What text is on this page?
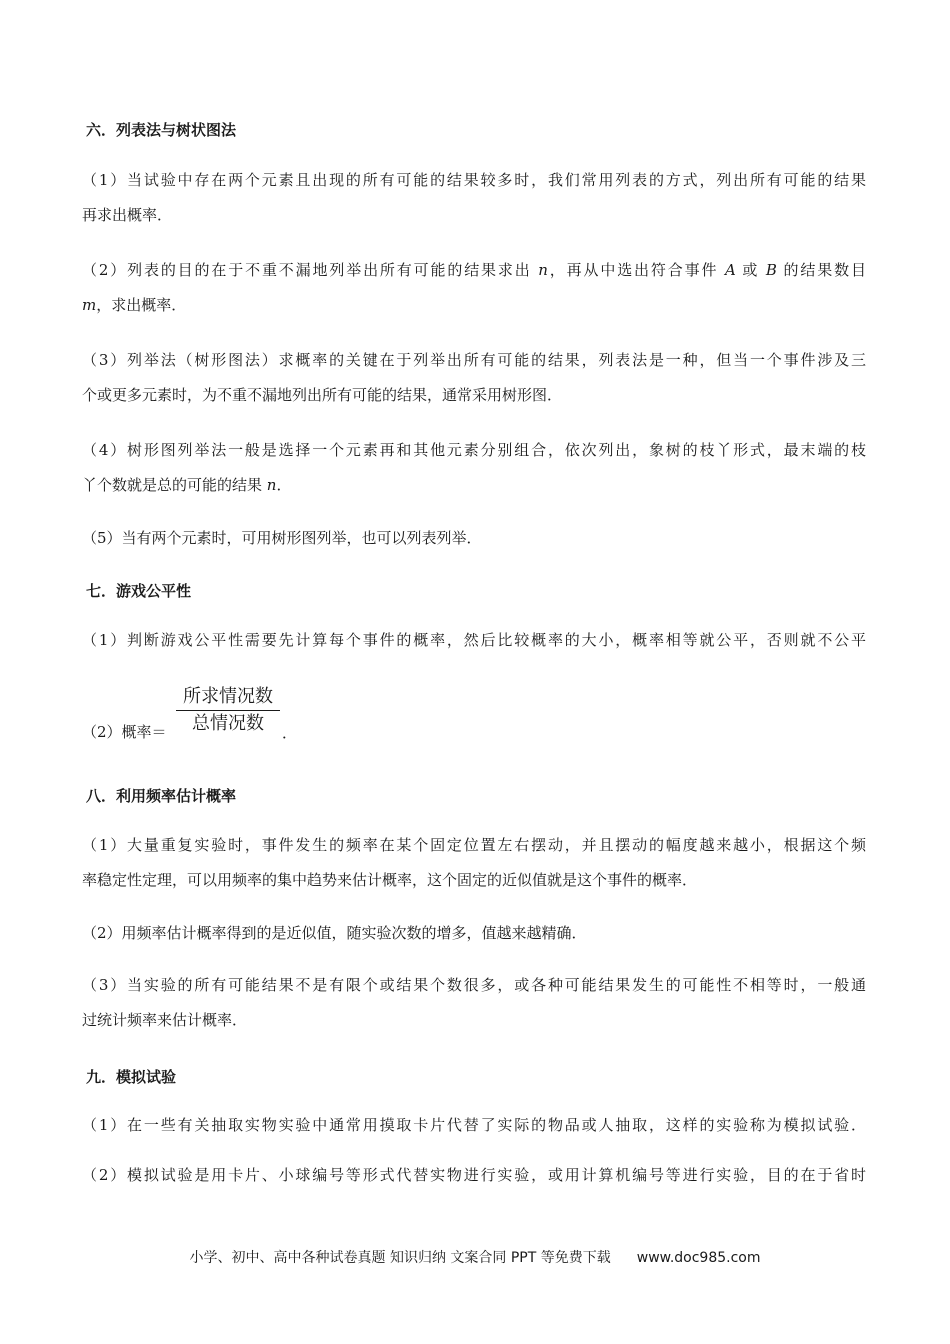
六．列表法与树状图法
（1）当试验中存在两个元素且出现的所有可能的结果较多时，我们常用列表的方式，列出所有可能的结果
再求出概率．
（2）列表的目的在于不重不漏地列举出所有可能的结果求出 n，再从中选出符合事件 A 或 B 的结果数目
m，求出概率．
（3）列举法（树形图法）求概率的关键在于列举出所有可能的结果，列表法是一种，但当一个事件涉及三
个或更多元素时，为不重不漏地列出所有可能的结果，通常采用树形图．
（4）树形图列举法一般是选择一个元素再和其他元素分别组合，依次列出，象树的枝丫形式，最末端的枝
丫个数就是总的可能的结果 n．
（5）当有两个元素时，可用树形图列举，也可以列表列举．
七．游戏公平性
（1）判断游戏公平性需要先计算每个事件的概率，然后比较概率的大小，概率相等就公平，否则就不公平
（2）概率＝
所求情况数
总情况数	．
八．利用频率估计概率
（1）大量重复实验时，事件发生的频率在某个固定位置左右摆动，并且摆动的幅度越来越小，根据这个频
率稳定性定理，可以用频率的集中趋势来估计概率，这个固定的近似值就是这个事件的概率．
（2）用频率估计概率得到的是近似值，随实验次数的增多，值越来越精确．
（3）当实验的所有可能结果不是有限个或结果个数很多，或各种可能结果发生的可能性不相等时，一般通
过统计频率来估计概率．
九．模拟试验
（1）在一些有关抽取实物实验中通常用摸取卡片代替了实际的物品或人抽取，这样的实验称为模拟试验．
（2）模拟试验是用卡片、小球编号等形式代替实物进行实验，或用计算机编号等进行实验，目的在于省时
小学、初中、高中各种试卷真题 知识归纳 文案合同 PPT 等免费下载 www.doc985.com
